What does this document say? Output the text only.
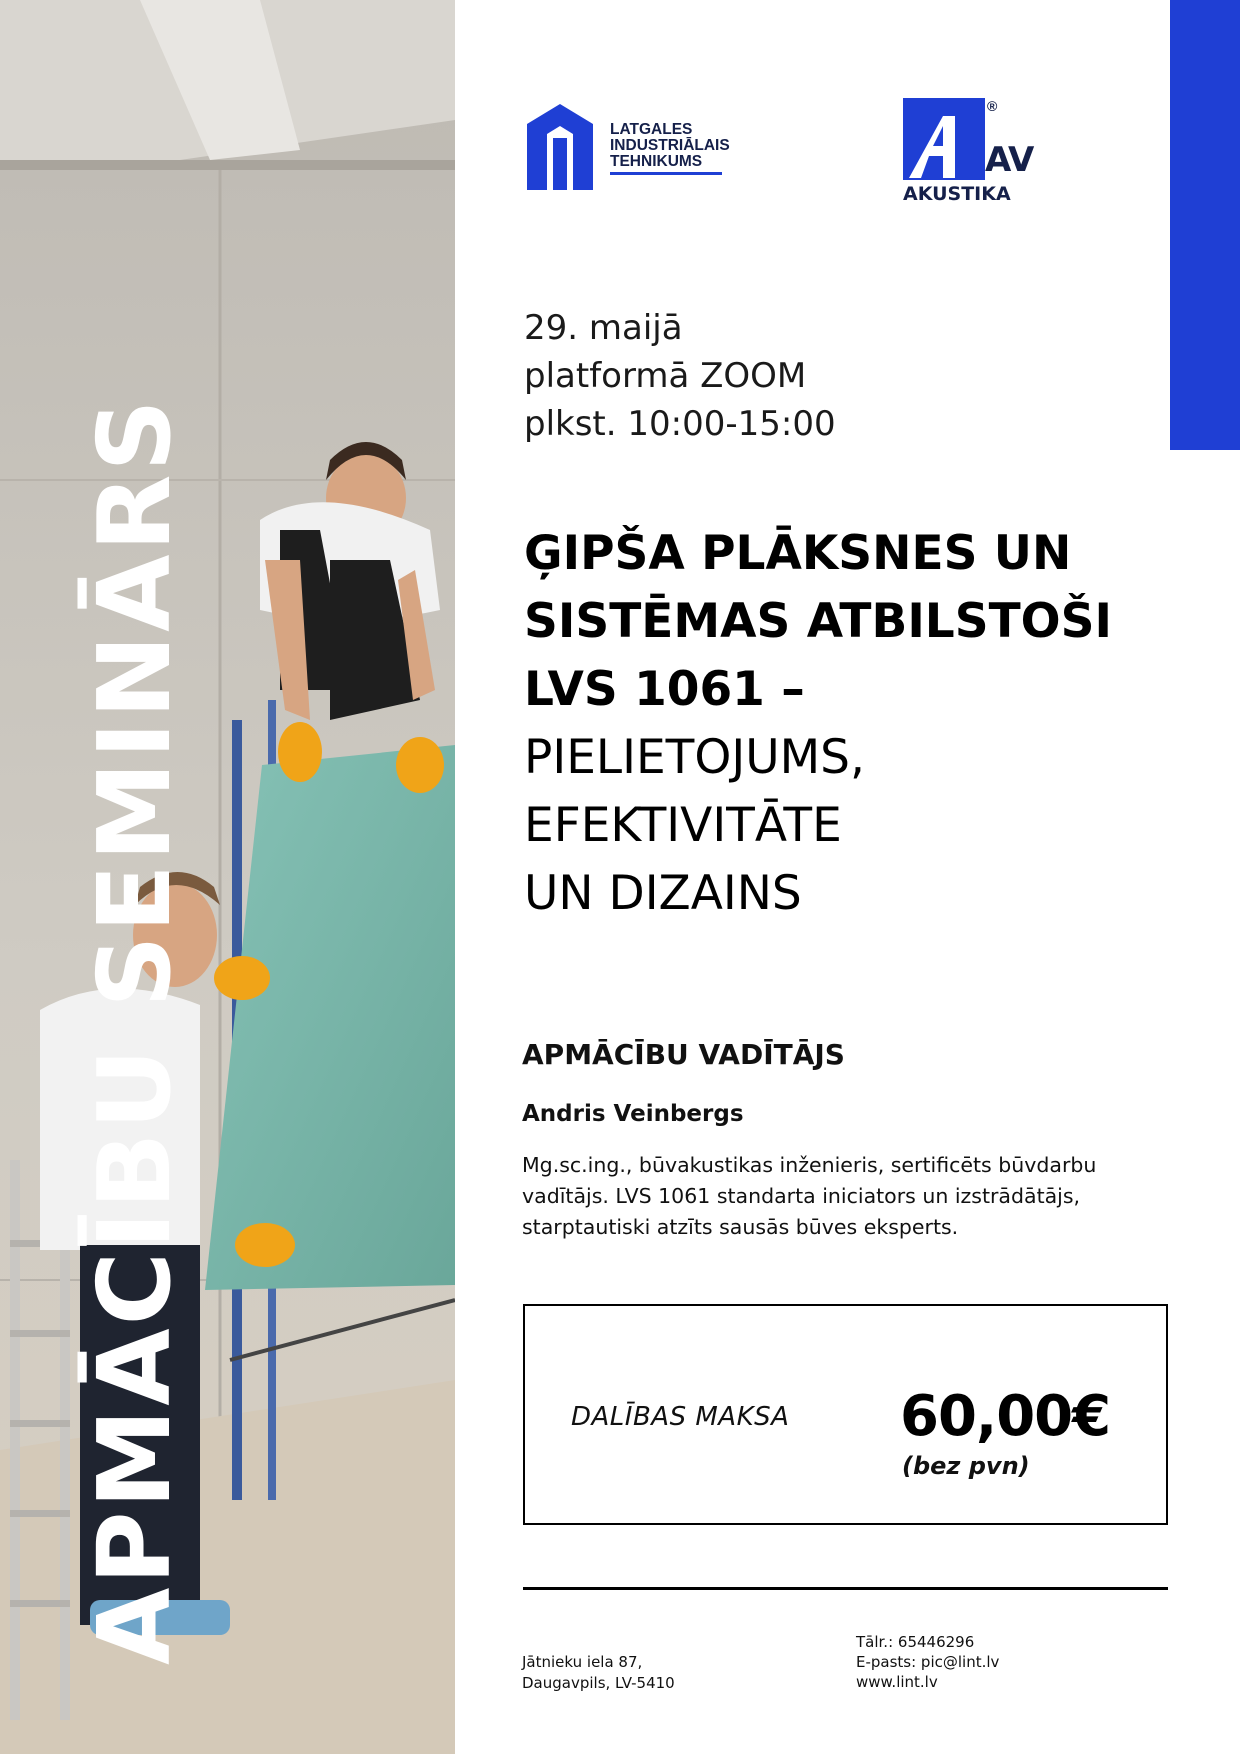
APMĀCĪBU SEMINĀRS
LATGALES
INDUSTRIĀLAIS
TEHNIKUMS
®
AV
AKUSTIKA
29. maijā
platformā ZOOM
plkst. 10:00-15:00
ĢIPŠA PLĀKSNES UN
SISTĒMAS ATBILSTOŠI
LVS 1061 –
PIELIETOJUMS,
EFEKTIVITĀTE
UN DIZAINS
APMĀCĪBU VADĪTĀJS
Andris Veinbergs
Mg.sc.ing., būvakustikas inženieris, sertificēts būvdarbu vadītājs. LVS 1061 standarta iniciators un izstrādātājs, starptautiski atzīts sausās būves eksperts.
DALĪBAS MAKSA 60,00€
(bez pvn)
Jātnieku iela 87,
Daugavpils, LV-5410
Tālr.: 65446296
E-pasts: pic@lint.lv
www.lint.lv
